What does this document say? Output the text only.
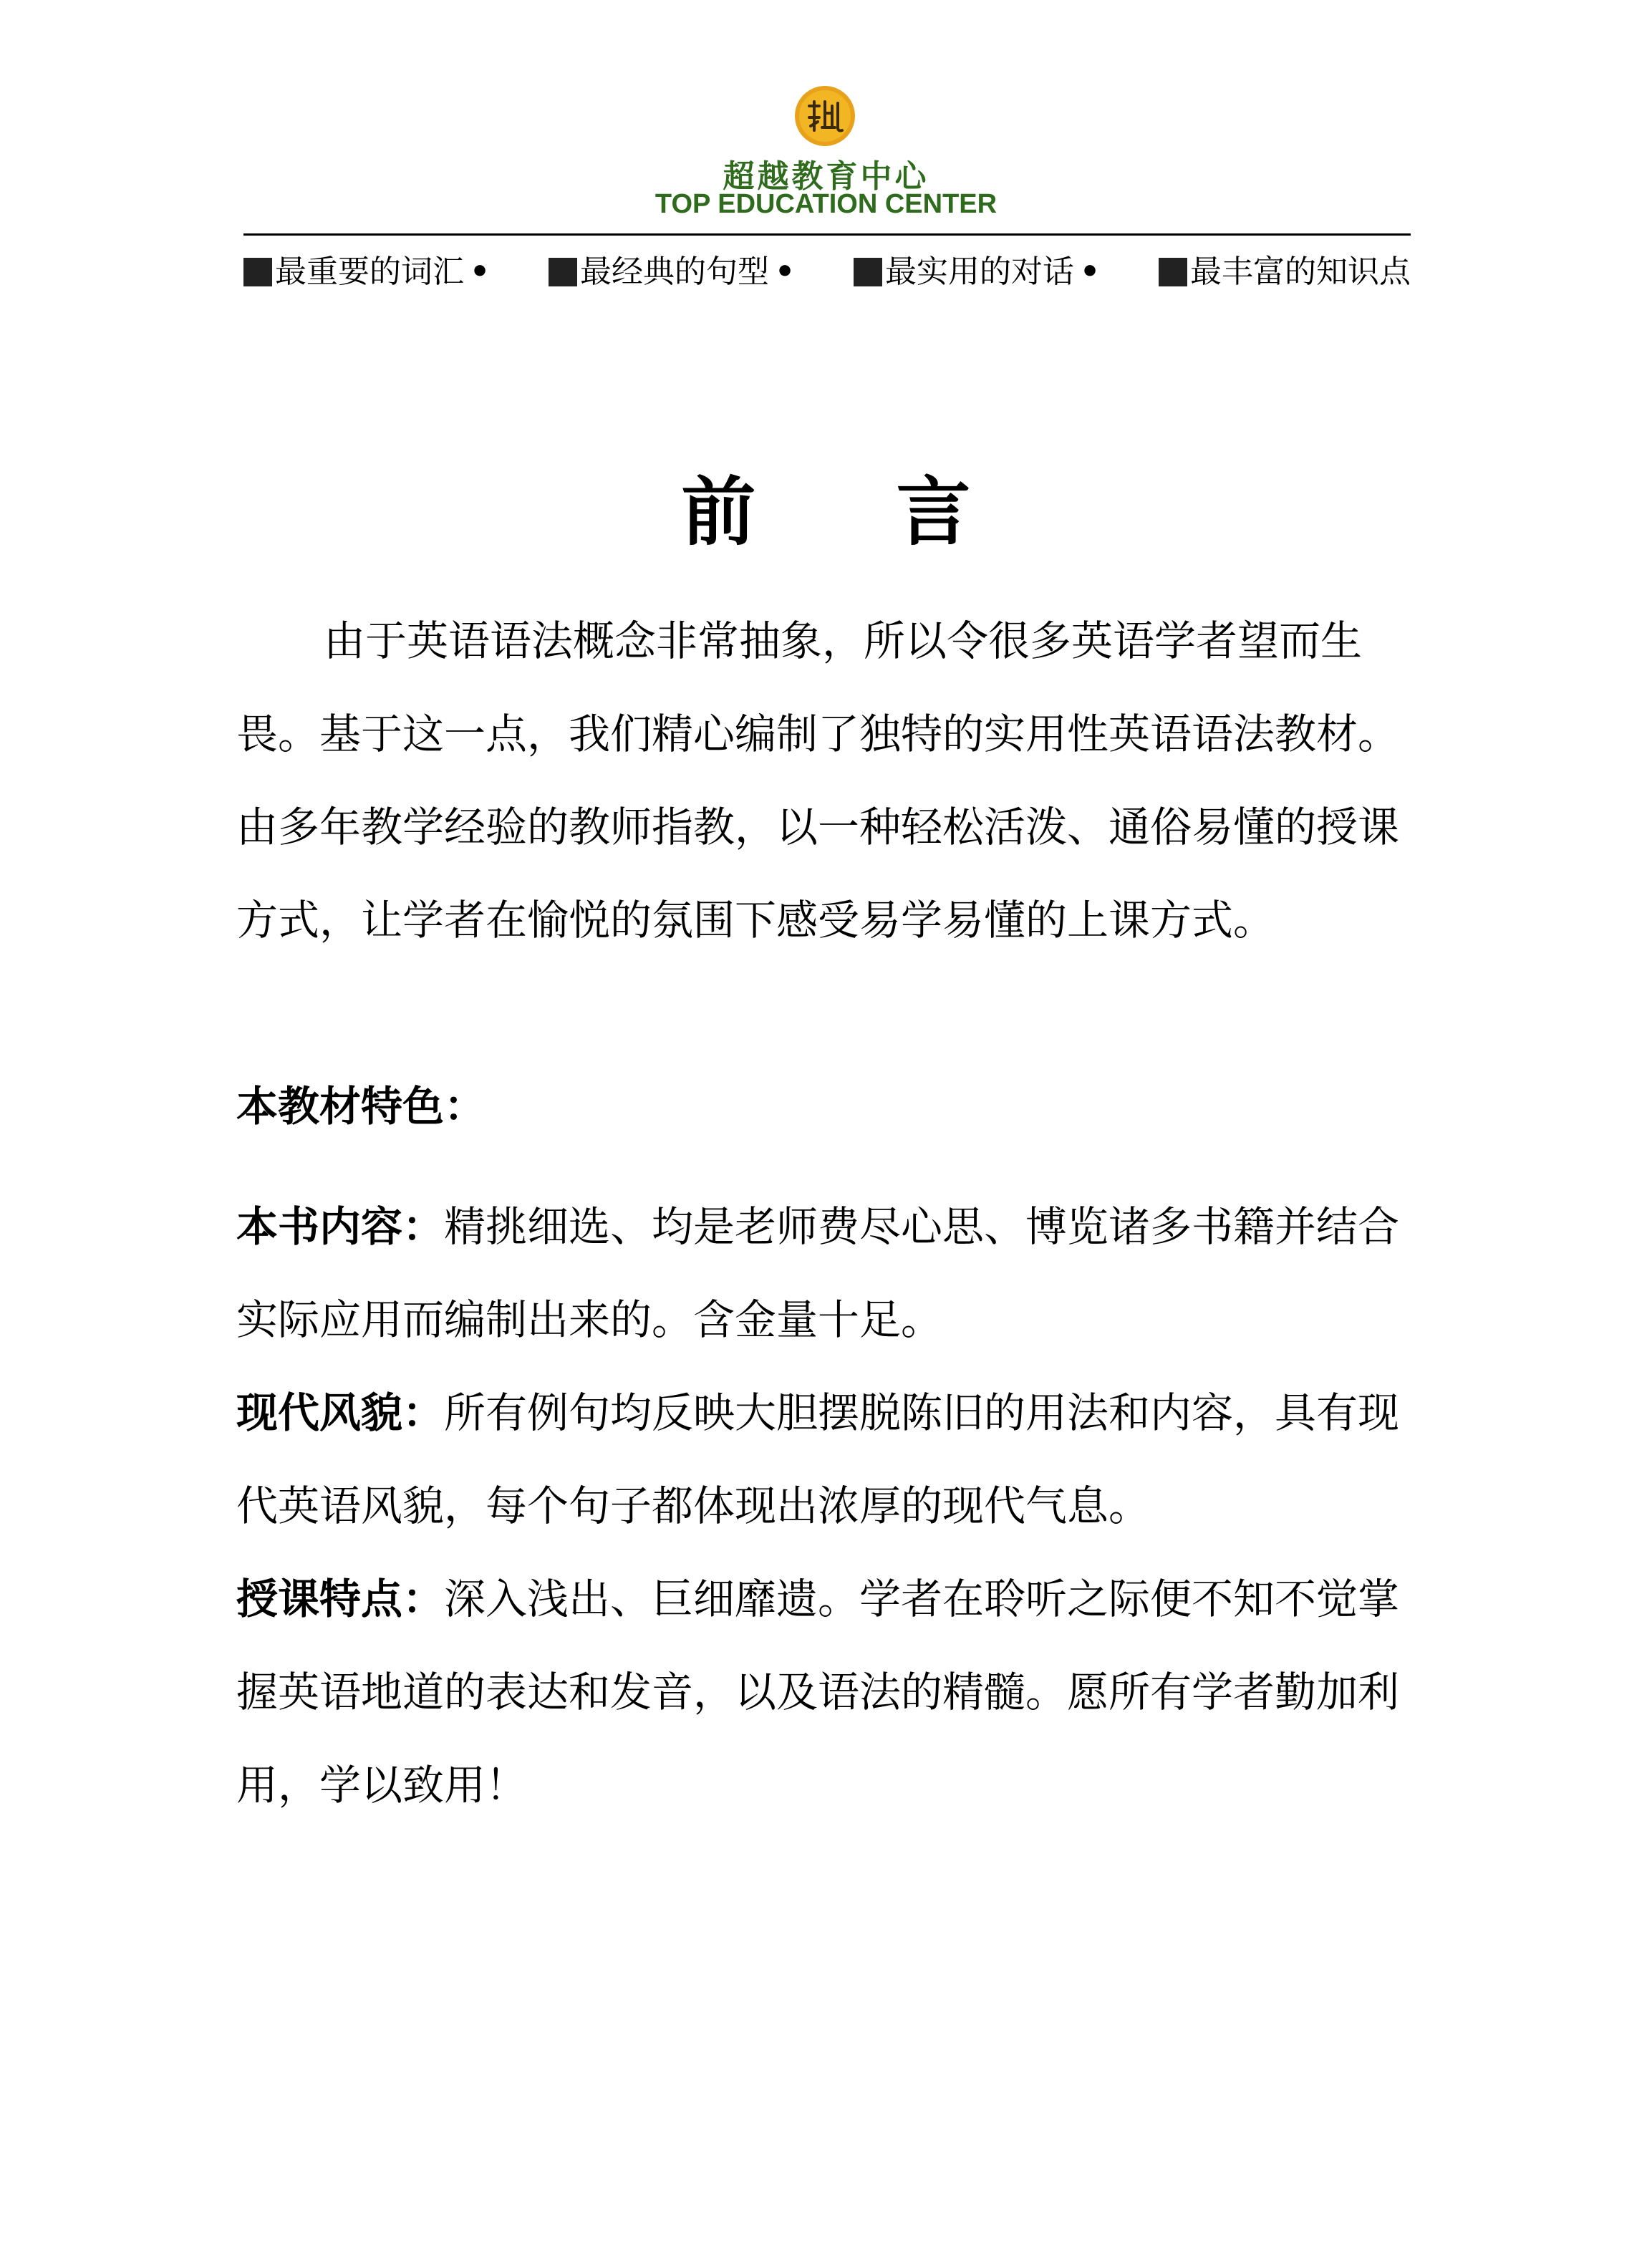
超越教育中心
TOP EDUCATION CENTER
最重要的词汇 •	最经典的句型 •	最实用的对话 •	最丰富的知识点
前 言

由于英语语法概念非常抽象，所以令很多英语学者望而生畏。基于这一点，我们精心编制了独特的实用性英语语法教材。由多年教学经验的教师指教，以一种轻松活泼、通俗易懂的授课方式，让学者在愉悦的氛围下感受易学易懂的上课方式。

本教材特色：

本书内容：精挑细选、均是老师费尽心思、博览诸多书籍并结合实际应用而编制出来的。含金量十足。

现代风貌：所有例句均反映大胆摆脱陈旧的用法和内容，具有现代英语风貌，每个句子都体现出浓厚的现代气息。

授课特点：深入浅出、巨细靡遗。学者在聆听之际便不知不觉掌握英语地道的表达和发音，以及语法的精髓。愿所有学者勤加利用，学以致用！
